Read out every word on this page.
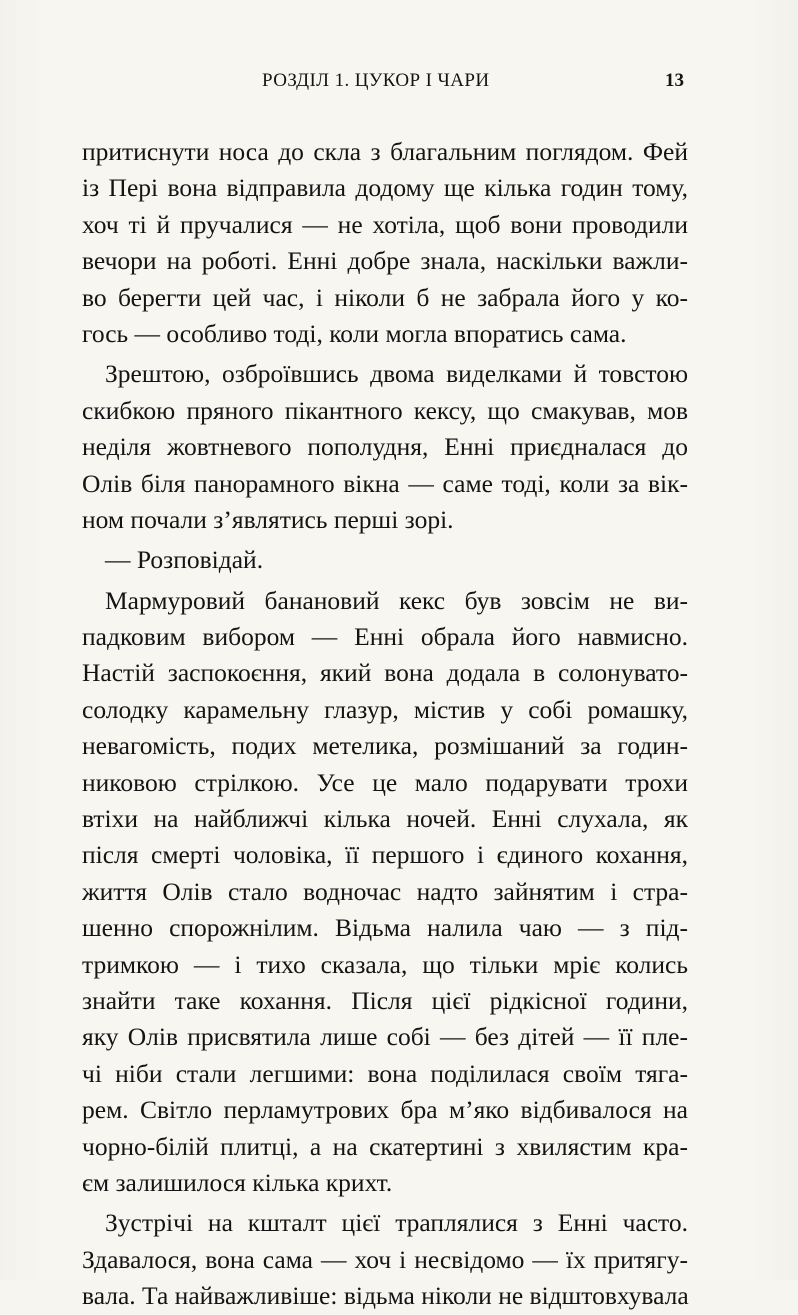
РОЗДІЛ 1. ЦУКОР І ЧАРИ	13
притиснути носа до скла з благальним поглядом. Фей
із Пері вона відправила додому ще кілька годин тому,
хоч ті й пручалися — не хотіла, щоб вони проводили
вечори на роботі. Енні добре знала, наскільки важли-
во берегти цей час, і ніколи б не забрала його у ко-
гось — особливо тоді, коли могла впоратись сама.
Зрештою, озброївшись двома виделками й товстою
скибкою пряного пікантного кексу, що смакував, мов
неділя жовтневого пополудня, Енні приєдналася до
Олів біля панорамного вікна — саме тоді, коли за вік-
ном почали з’являтись перші зорі.
— Розповідай.
Мармуровий банановий кекс був зовсім не ви-
падковим вибором — Енні обрала його навмисно.
Настій заспокоєння, який вона додала в солонувато-
солодку карамельну глазур, містив у собі ромашку,
невагомість, подих метелика, розмішаний за годин-
никовою стрілкою. Усе це мало подарувати трохи
втіхи на найближчі кілька ночей. Енні слухала, як
після смерті чоловіка, її першого і єдиного кохання,
життя Олів стало водночас надто зайнятим і стра-
шенно спорожнілим. Відьма налила чаю — з під-
тримкою — і тихо сказала, що тільки мріє колись
знайти таке кохання. Після цієї рідкісної години,
яку Олів присвятила лише собі — без дітей — її пле-
чі ніби стали легшими: вона поділилася своїм тяга-
рем. Світло перламутрових бра м’яко відбивалося на
чорно-білій плитці, а на скатертині з хвилястим кра-
єм залишилося кілька крихт.
Зустрічі на кшталт цієї траплялися з Енні часто.
Здавалося, вона сама — хоч і несвідомо — їх притягу-
вала. Та найважливіше: відьма ніколи не відштовхувала
